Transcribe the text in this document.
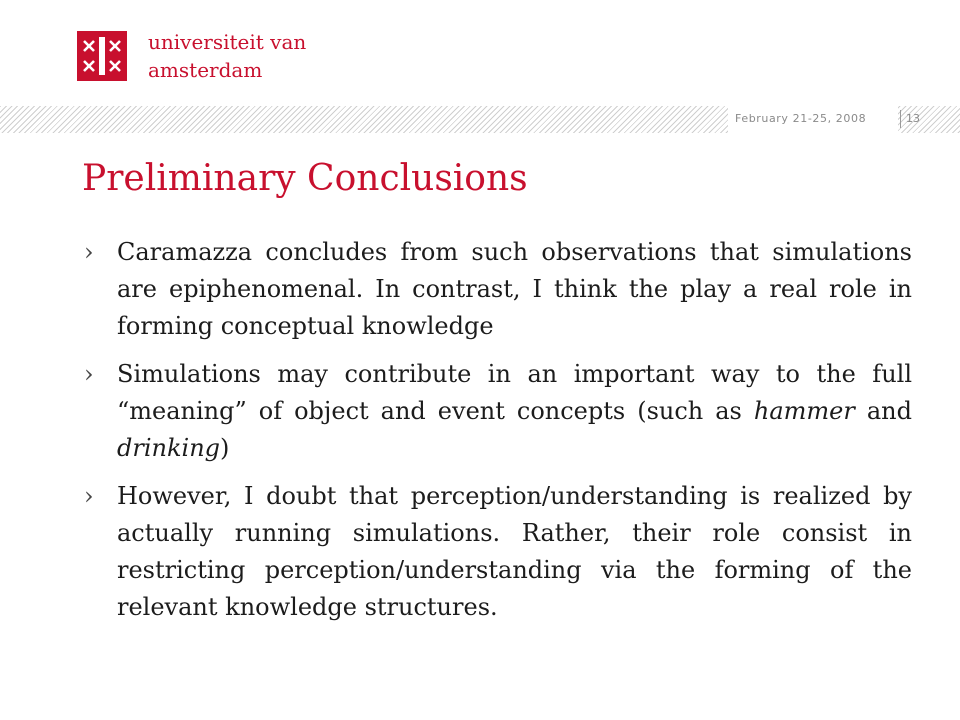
February 21-25, 2008	13
universiteit van
amsterdam
Preliminary Conclusions
› Caramazza concludes from such observations that simulations are epiphenomenal. In contrast, I think the play a real role in forming conceptual knowledge
› Simulations may contribute in an important way to the full “meaning” of object and event concepts (such as hammer and drinking)
› However, I doubt that perception/understanding is realized by actually running simulations. Rather, their role consist in restricting perception/understanding via the forming of the relevant knowledge structures.
